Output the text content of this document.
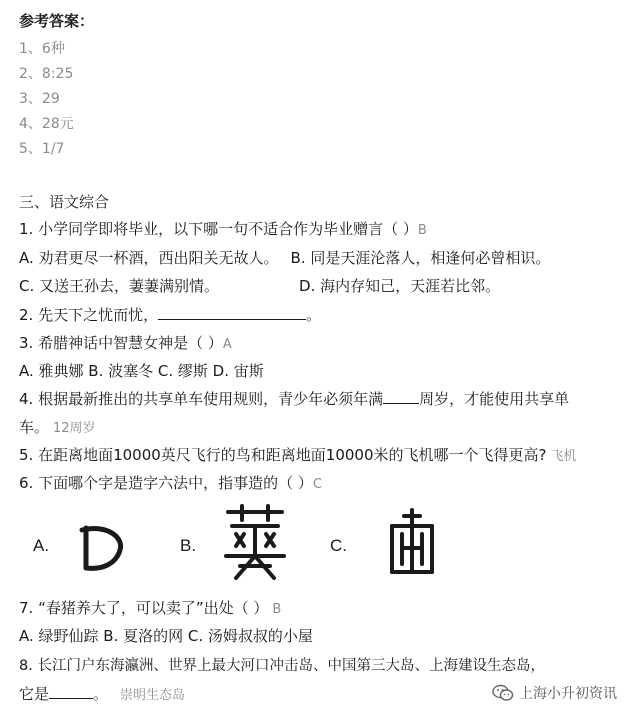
参考答案：
1、6种
2、8:25
3、29
4、28元
5、1/7
三、语文综合
1. 小学同学即将毕业，以下哪一句不适合作为毕业赠言（ ）B
A. 劝君更尽一杯酒，西出阳关无故人。 B. 同是天涯沦落人，相逢何必曾相识。
C. 又送王孙去，萋萋满别情。	D. 海内存知己，天涯若比邻。
2. 先天下之忧而忧，	。
3. 希腊神话中智慧女神是（ ）A
A. 雅典娜 B. 波塞冬 C. 缪斯 D. 宙斯
4. 根据最新推出的共享单车使用规则，青少年必须年满 周岁，才能使用共享单
车。 12周岁
5. 在距离地面10000英尺飞行的鸟和距离地面10000米的飞机哪一个飞得更高? 飞机
6. 下面哪个字是造字六法中，指事造的（ ）C
A.	B.	C.
7. “春猪养大了，可以卖了”出处（ ） B
A. 绿野仙踪 B. 夏洛的网 C. 汤姆叔叔的小屋
8. 长江门户东海瀛洲、世界上最大河口冲击岛、中国第三大岛、上海建设生态岛，
它是	。 崇明生态岛	上海小升初资讯
